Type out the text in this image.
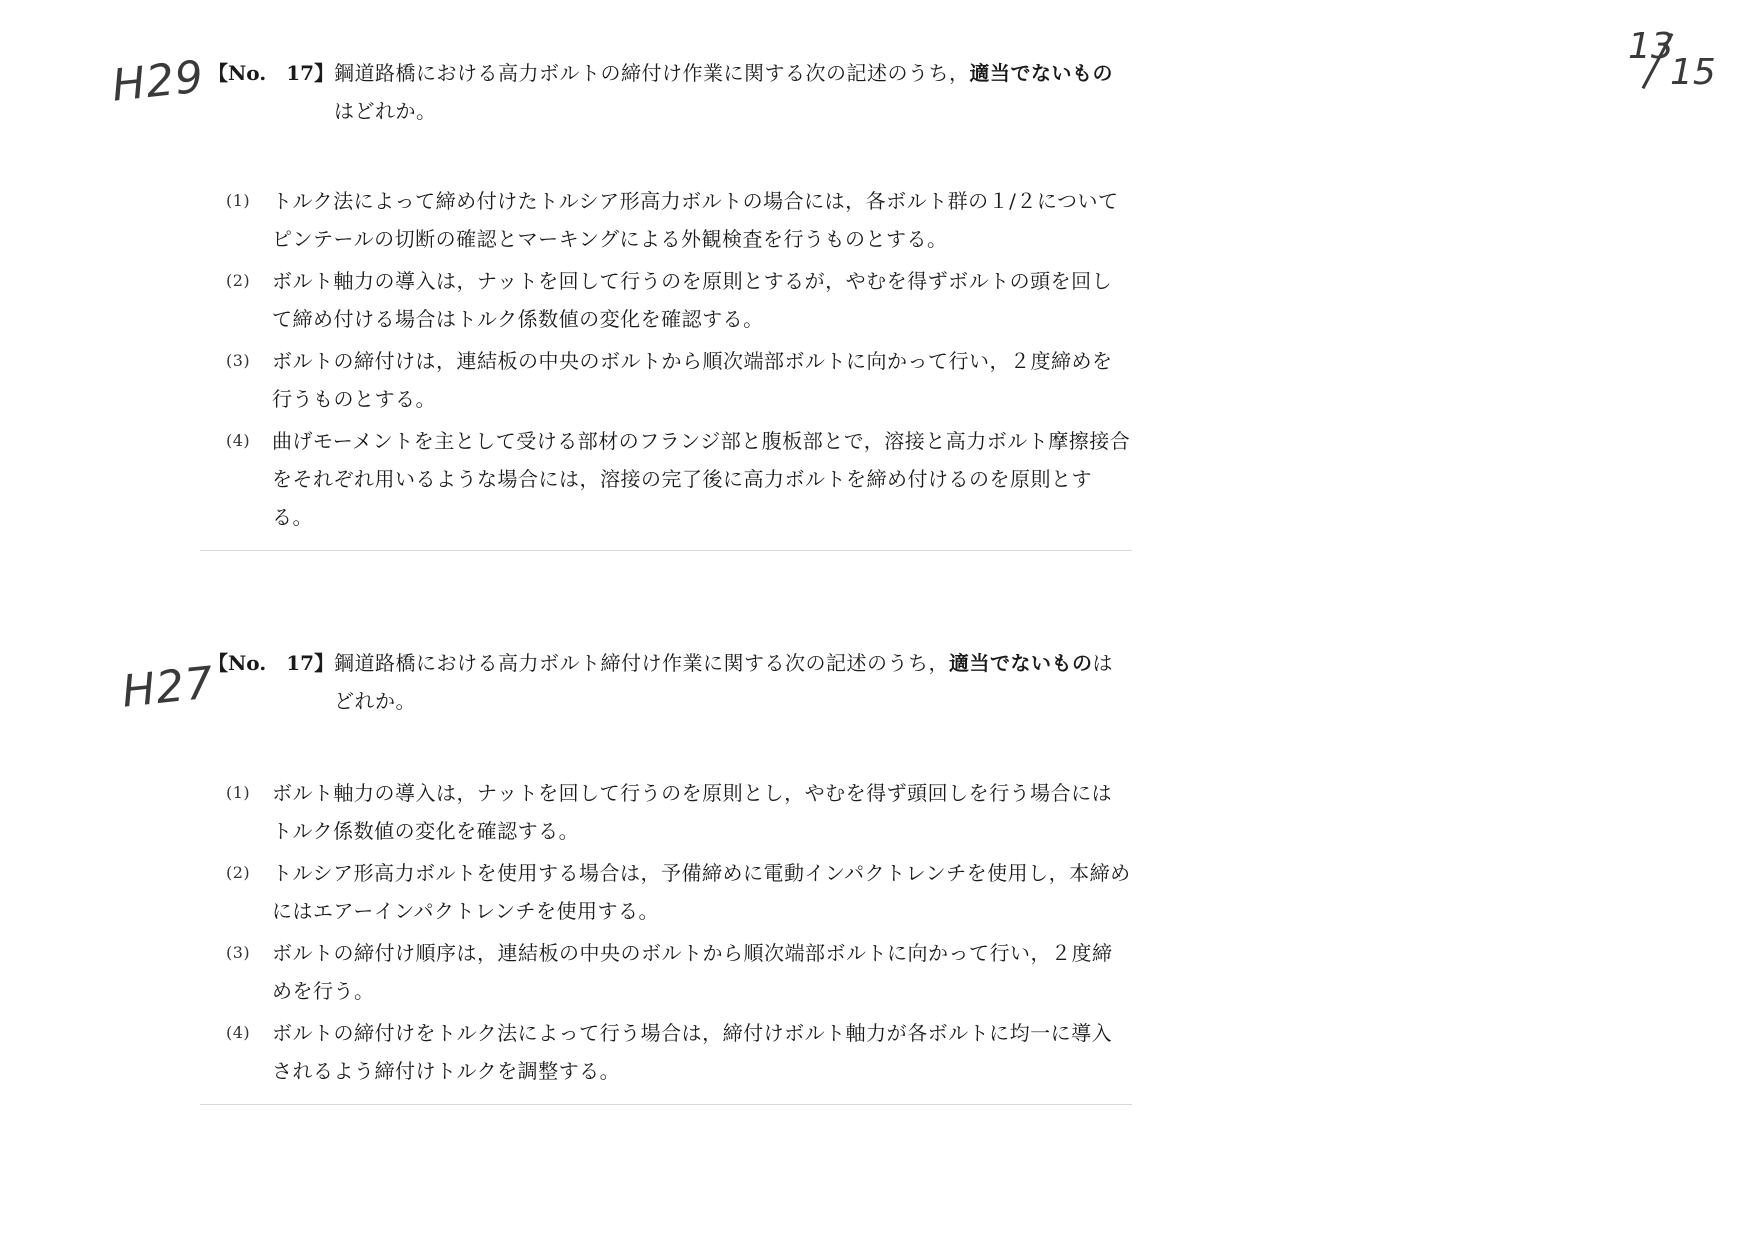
H29
H27
13
15
【No.　17】 鋼道路橋における高力ボルトの締付け作業に関する次の記述のうち，適当でないものはどれか。
(1) トルク法によって締め付けたトルシア形高力ボルトの場合には，各ボルト群の１/２についてピンテールの切断の確認とマーキングによる外観検査を行うものとする。
(2) ボルト軸力の導入は，ナットを回して行うのを原則とするが，やむを得ずボルトの頭を回して締め付ける場合はトルク係数値の変化を確認する。
(3) ボルトの締付けは，連結板の中央のボルトから順次端部ボルトに向かって行い，２度締めを行うものとする。
(4) 曲げモーメントを主として受ける部材のフランジ部と腹板部とで，溶接と高力ボルト摩擦接合をそれぞれ用いるような場合には，溶接の完了後に高力ボルトを締め付けるのを原則とする。
【No.　17】 鋼道路橋における高力ボルト締付け作業に関する次の記述のうち，適当でないものはどれか。
(1) ボルト軸力の導入は，ナットを回して行うのを原則とし，やむを得ず頭回しを行う場合にはトルク係数値の変化を確認する。
(2) トルシア形高力ボルトを使用する場合は，予備締めに電動インパクトレンチを使用し，本締めにはエアーインパクトレンチを使用する。
(3) ボルトの締付け順序は，連結板の中央のボルトから順次端部ボルトに向かって行い，２度締めを行う。
(4) ボルトの締付けをトルク法によって行う場合は，締付けボルト軸力が各ボルトに均一に導入されるよう締付けトルクを調整する。
